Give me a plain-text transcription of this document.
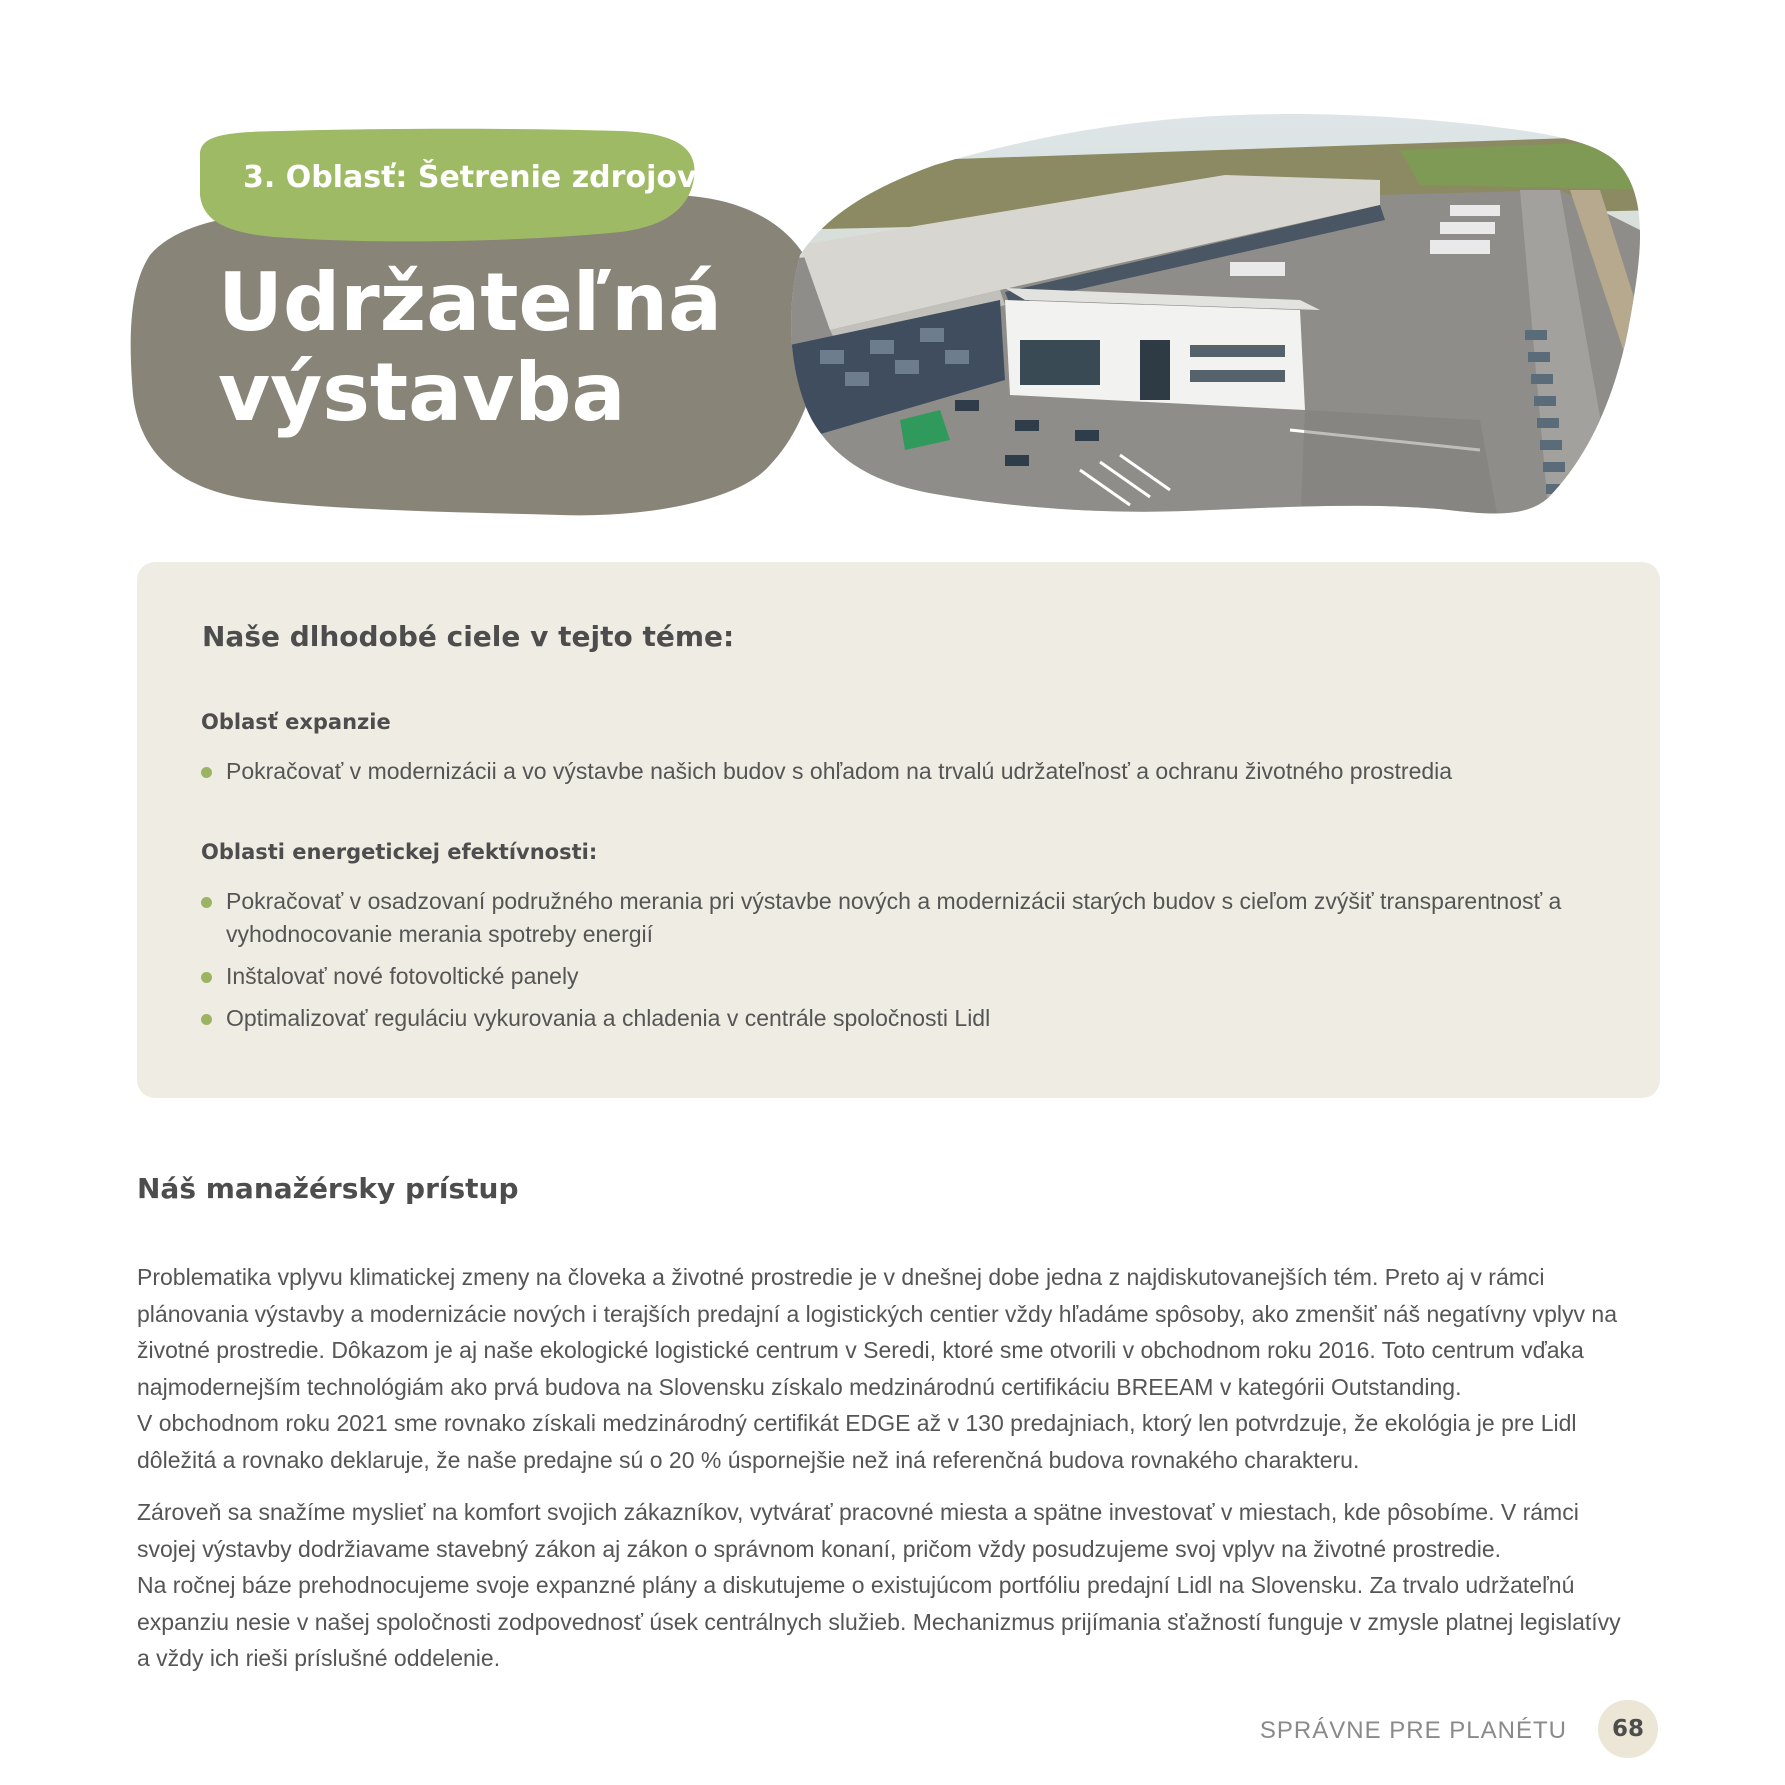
3. Oblasť: Šetrenie zdrojov
Udržateľná
výstavba
Naše dlhodobé ciele v tejto téme:
Oblasť expanzie
Pokračovať v modernizácii a vo výstavbe našich budov s ohľadom na trvalú udržateľnosť a ochranu životného prostredia
Oblasti energetickej efektívnosti:
Pokračovať v osadzovaní podružného merania pri výstavbe nových a modernizácii starých budov s cieľom zvýšiť transparentnosť a vyhodnocovanie merania spotreby energií
Inštalovať nové fotovoltické panely
Optimalizovať reguláciu vykurovania a chladenia v centrále spoločnosti Lidl
Náš manažérsky prístup
Problematika vplyvu klimatickej zmeny na človeka a životné prostredie je v dnešnej dobe jedna z najdiskutovanejších tém. Preto aj v rámci plánovania výstavby a modernizácie nových i terajších predajní a logistických centier vždy hľadáme spôsoby, ako zmenšiť náš negatívny vplyv na životné prostredie. Dôkazom je aj naše ekologické logistické centrum v Seredi, ktoré sme otvorili v obchodnom roku 2016. Toto centrum vďaka najmodernejším technológiám ako prvá budova na Slovensku získalo medzinárodnú certifikáciu BREEAM v kategórii Outstanding.
V obchodnom roku 2021 sme rovnako získali medzinárodný certifikát EDGE až v 130 predajniach, ktorý len potvrdzuje, že ekológia je pre Lidl dôležitá a rovnako deklaruje, že naše predajne sú o 20 % úspornejšie než iná referenčná budova rovnakého charakteru.
Zároveň sa snažíme myslieť na komfort svojich zákazníkov, vytvárať pracovné miesta a spätne investovať v miestach, kde pôsobíme. V rámci svojej výstavby dodržiavame stavebný zákon aj zákon o správnom konaní, pričom vždy posudzujeme svoj vplyv na životné prostredie.
Na ročnej báze prehodnocujeme svoje expanzné plány a diskutujeme o existujúcom portfóliu predajní Lidl na Slovensku. Za trvalo udržateľnú expanziu nesie v našej spoločnosti zodpovednosť úsek centrálnych služieb. Mechanizmus prijímania sťažností funguje v zmysle platnej legislatívy a vždy ich rieši príslušné oddelenie.
SPRÁVNE PRE PLANÉTU	68
